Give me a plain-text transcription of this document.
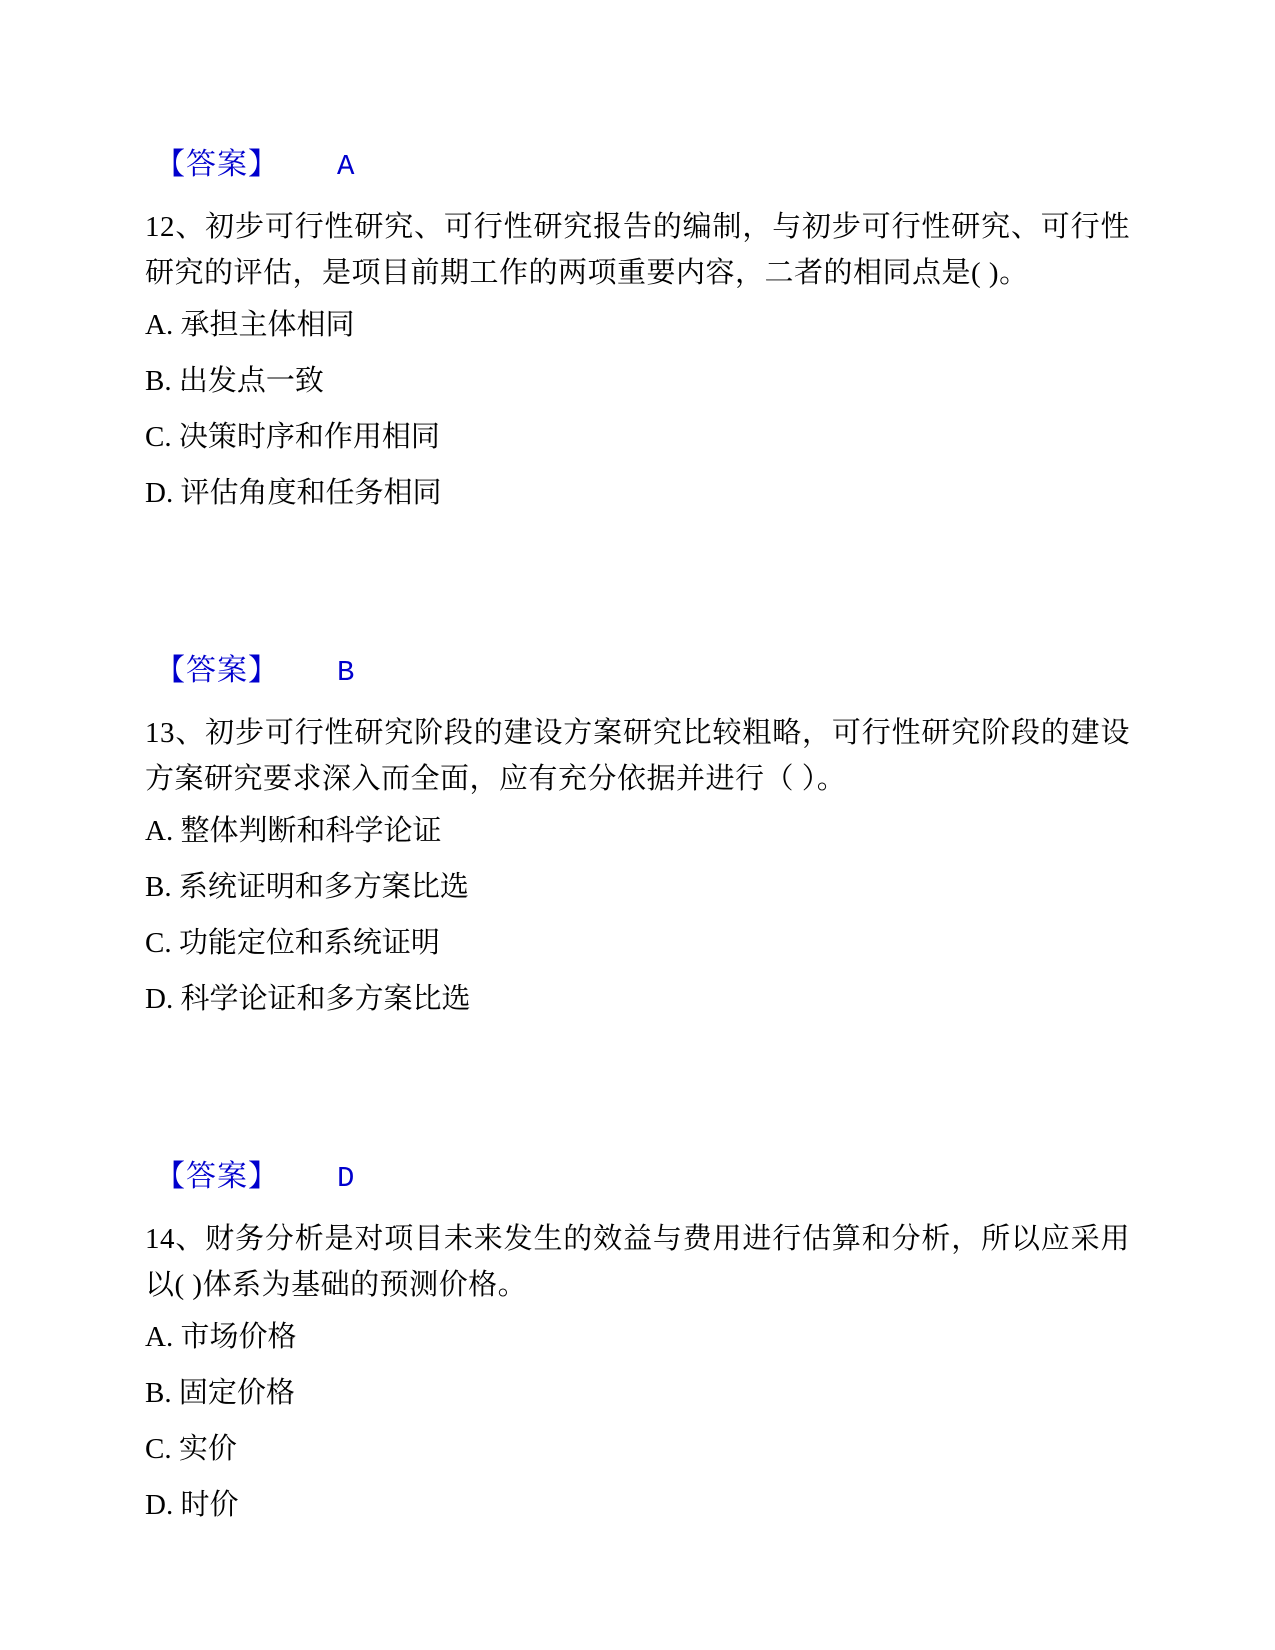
【答案】 A

12、初步可行性研究、可行性研究报告的编制，与初步可行性研究、可行性研究的评估，是项目前期工作的两项重要内容，二者的相同点是( )。

A. 承担主体相同

B. 出发点一致

C. 决策时序和作用相同

D. 评估角度和任务相同

【答案】 B

13、初步可行性研究阶段的建设方案研究比较粗略，可行性研究阶段的建设方案研究要求深入而全面，应有充分依据并进行（ ）。

A. 整体判断和科学论证

B. 系统证明和多方案比选

C. 功能定位和系统证明

D. 科学论证和多方案比选

【答案】 D

14、财务分析是对项目未来发生的效益与费用进行估算和分析，所以应采用以( )体系为基础的预测价格。

A. 市场价格

B. 固定价格

C. 实价

D. 时价
